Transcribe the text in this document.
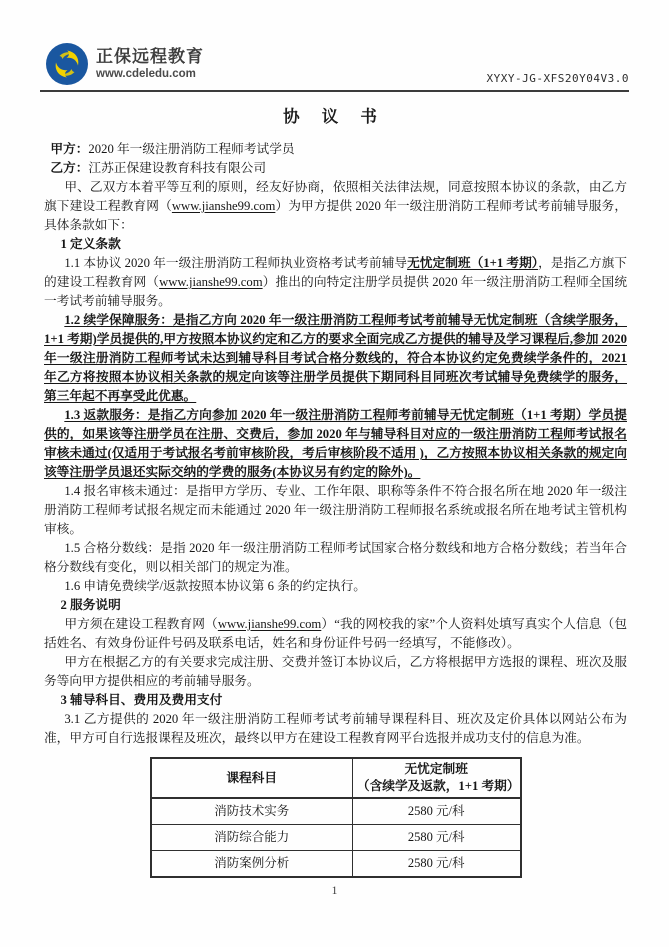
正保远程教育
www.cdeledu.com	XYXY-JG-XFS20Y04V3.0
协 议 书

甲方：2020 年一级注册消防工程师考试学员

乙方：江苏正保建设教育科技有限公司

甲、乙双方本着平等互利的原则，经友好协商，依照相关法律法规，同意按照本协议的条款，由乙方旗下建设工程教育网（www.jianshe99.com）为甲方提供 2020 年一级注册消防工程师考试考前辅导服务，具体条款如下：

1 定义条款

1.1 本协议 2020 年一级注册消防工程师执业资格考试考前辅导无忧定制班（1+1 考期），是指乙方旗下的建设工程教育网（www.jianshe99.com）推出的向特定注册学员提供 2020 年一级注册消防工程师全国统一考试考前辅导服务。

1.2 续学保障服务：是指乙方向 2020 年一级注册消防工程师考试考前辅导无忧定制班（含续学服务，1+1 考期)学员提供的,甲方按照本协议约定和乙方的要求全面完成乙方提供的辅导及学习课程后,参加 2020 年一级注册消防工程师考试未达到辅导科目考试合格分数线的，符合本协议约定免费续学条件的，2021 年乙方将按照本协议相关条款的规定向该等注册学员提供下期同科目同班次考试辅导免费续学的服务，第三年起不再享受此优惠。

1.3 返款服务：是指乙方向参加 2020 年一级注册消防工程师考前辅导无忧定制班（1+1 考期）学员提供的，如果该等注册学员在注册、交费后，参加 2020 年与辅导科目对应的一级注册消防工程师考试报名审核未通过(仅适用于考试报名考前审核阶段，考后审核阶段不适用 )，乙方按照本协议相关条款的规定向该等注册学员退还实际交纳的学费的服务(本协议另有约定的除外)。

1.4 报名审核未通过：是指甲方学历、专业、工作年限、职称等条件不符合报名所在地 2020 年一级注册消防工程师考试报名规定而未能通过 2020 年一级注册消防工程师报名系统或报名所在地考试主管机构审核。

1.5 合格分数线：是指 2020 年一级注册消防工程师考试国家合格分数线和地方合格分数线；若当年合格分数线有变化，则以相关部门的规定为准。

1.6 申请免费续学/返款按照本协议第 6 条的约定执行。

2 服务说明

甲方须在建设工程教育网（www.jianshe99.com）“我的网校我的家”个人资料处填写真实个人信息（包括姓名、有效身份证件号码及联系电话，姓名和身份证件号码一经填写，不能修改）。

甲方在根据乙方的有关要求完成注册、交费并签订本协议后，乙方将根据甲方选报的课程、班次及服务等向甲方提供相应的考前辅导服务。

3 辅导科目、费用及费用支付

3.1 乙方提供的 2020 年一级注册消防工程师考试考前辅导课程科目、班次及定价具体以网站公布为准，甲方可自行选报课程及班次，最终以甲方在建设工程教育网平台选报并成功支付的信息为准。

课程科目	无忧定制班
（含续学及返款，1+1 考期）

消防技术实务	2580 元/科
消防综合能力	2580 元/科
消防案例分析	2580 元/科
1
